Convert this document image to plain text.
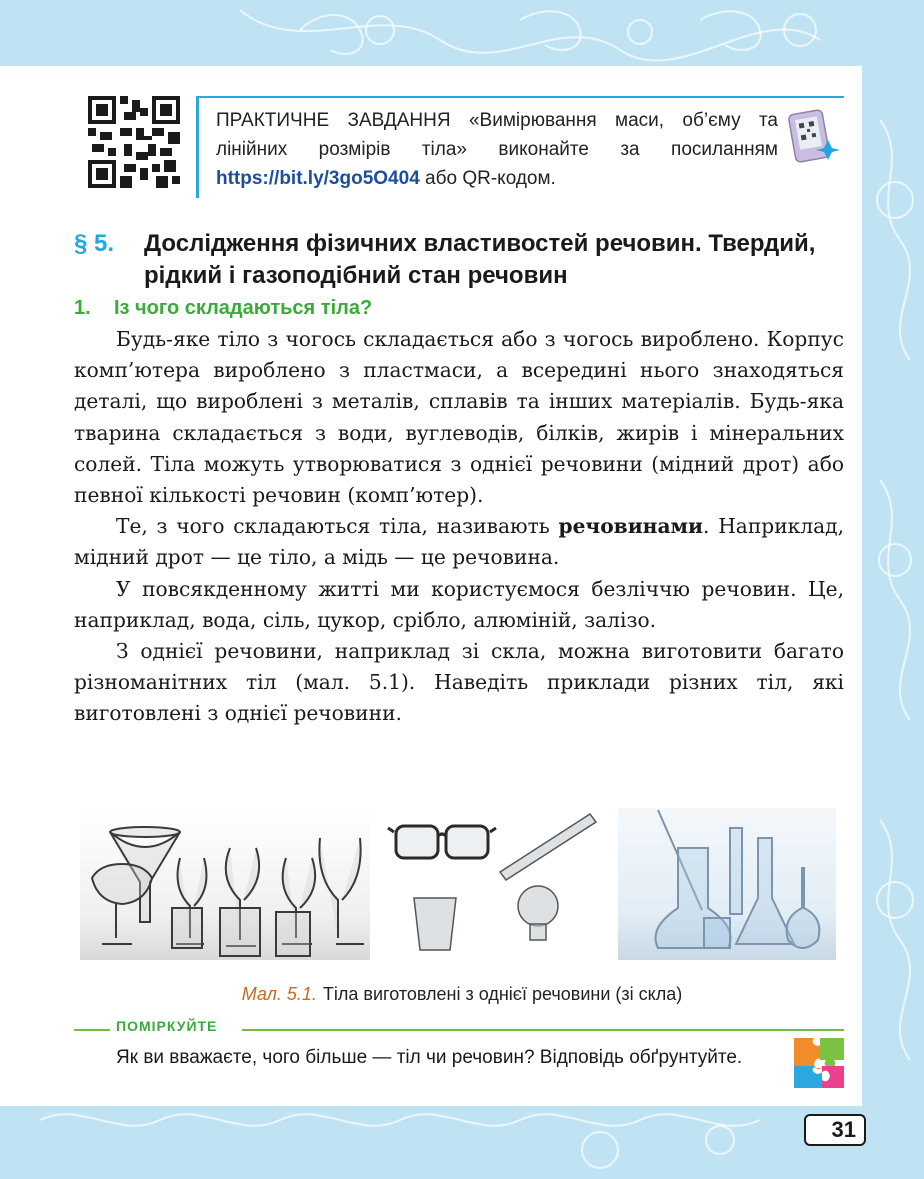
ПРАКТИЧНЕ ЗАВДАННЯ «Вимірювання маси, об’єму та лінійних розмірів тіла» виконайте за посиланням https://bit.ly/3go5O404 або QR-кодом.
§ 5. Дослідження фізичних властивостей речовин. Твердий, рідкий і газоподібний стан речовин
1. Із чого складаються тіла?

Будь-яке тіло з чогось складається або з чогось вироблено. Корпус комп’ютера вироблено з пластмаси, а всередині нього знаходяться деталі, що вироблені з металів, сплавів та інших матеріалів. Будь-яка тварина складається з води, вуглеводів, білків, жирів і мінеральних солей. Тіла можуть утворюватися з однієї речовини (мідний дрот) або певної кількості речовин (комп’ютер).

Те, з чого складаються тіла, називають речовинами. Наприклад, мідний дрот — це тіло, а мідь — це речовина.

У повсякденному житті ми користуємося безліччю речовин. Це, наприклад, вода, сіль, цукор, срібло, алюміній, залізо.

З однієї речовини, наприклад зі скла, можна виготовити багато різноманітних тіл (мал. 5.1). Наведіть приклади різних тіл, які виготовлені з однієї речовини.

Мал. 5.1. Тіла виготовлені з однієї речовини (зі скла)
ПОМІРКУЙТЕ

Як ви вважаєте, чого більше — тіл чи речовин? Відповідь обґрунтуйте.

31
